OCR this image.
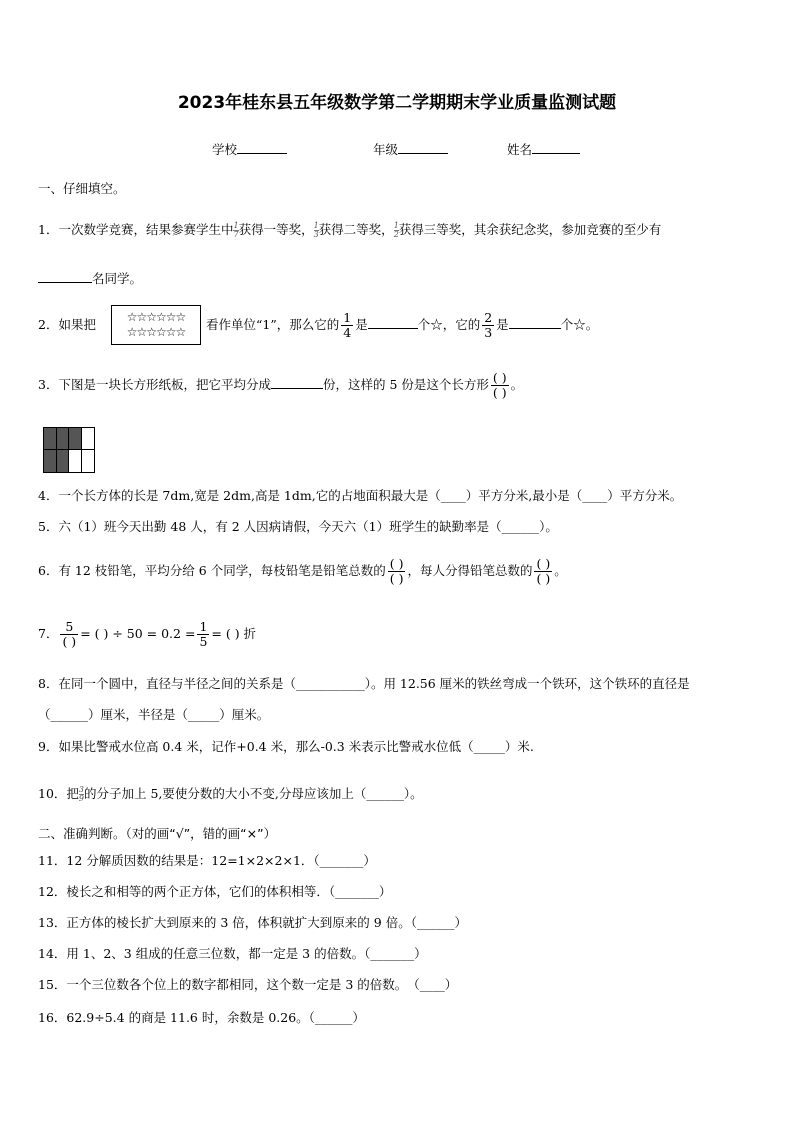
2023年桂东县五年级数学第二学期期末学业质量监测试题
学校	年级	姓名
一、仔细填空。
1．一次数学竞赛，结果参赛学生中 $\frac{1}{7}$获得一等奖， $\frac{1}{3}$获得二等奖， $\frac{1}{2}$获得三等奖，其余获纪念奖，参加竞赛的至少有
名同学。
2．如果把	☆☆☆☆☆☆
☆☆☆☆☆☆	看作单位“1”，那么它的 $\frac{1}{4}$ 是	个☆，它的 $\frac{2}{3}$ 是	个☆。
3．下图是一块长方形纸板，把它平均分成	份，这样的 5 份是这个长方形 $\frac{( )}{( )}$ 。
4．一个长方体的长是 7dm,宽是 2dm,高是 1dm,它的占地面积最大是（____）平方分米,最小是（____）平方分米。
5．六（1）班今天出勤 48 人，有 2 人因病请假，今天六（1）班学生的缺勤率是（______）。
6．有 12 枝铅笔，平均分给 6 个同学，每枝铅笔是铅笔总数的 $\frac{( )}{( )}$ ，每人分得铅笔总数的 $\frac{( )}{( )}$ 。
7． $\frac{5}{( )}$ = ( ) ÷ $50 = 0.2 = \frac{1}{5}$ = ( ) 折
8．在同一个圆中，直径与半径之间的关系是（___________）。用 12.56 厘米的铁丝弯成一个铁环，这个铁环的直径是
（______）厘米，半径是（_____）厘米。
9．如果比警戒水位高 0.4 米，记作+0.4 米，那么-0.3 米表示比警戒水位低（_____）米.
10．把 $\frac{3}{9}$的分子加上 5,要使分数的大小不变,分母应该加上（______）。
二、准确判断。（对的画“√”，错的画“×”）
11．12 分解质因数的结果是：12=1×2×2×1．（_______）
12．棱长之和相等的两个正方体，它们的体积相等．（_______）
13．正方体的棱长扩大到原来的 3 倍，体积就扩大到原来的 9 倍。（______）
14．用 1、2、3 组成的任意三位数，都一定是 3 的倍数。（_______）
15．一个三位数各个位上的数字都相同，这个数一定是 3 的倍数。　（____）
16．62.9÷5.4 的商是 11.6 时，余数是 0.26。（______）
